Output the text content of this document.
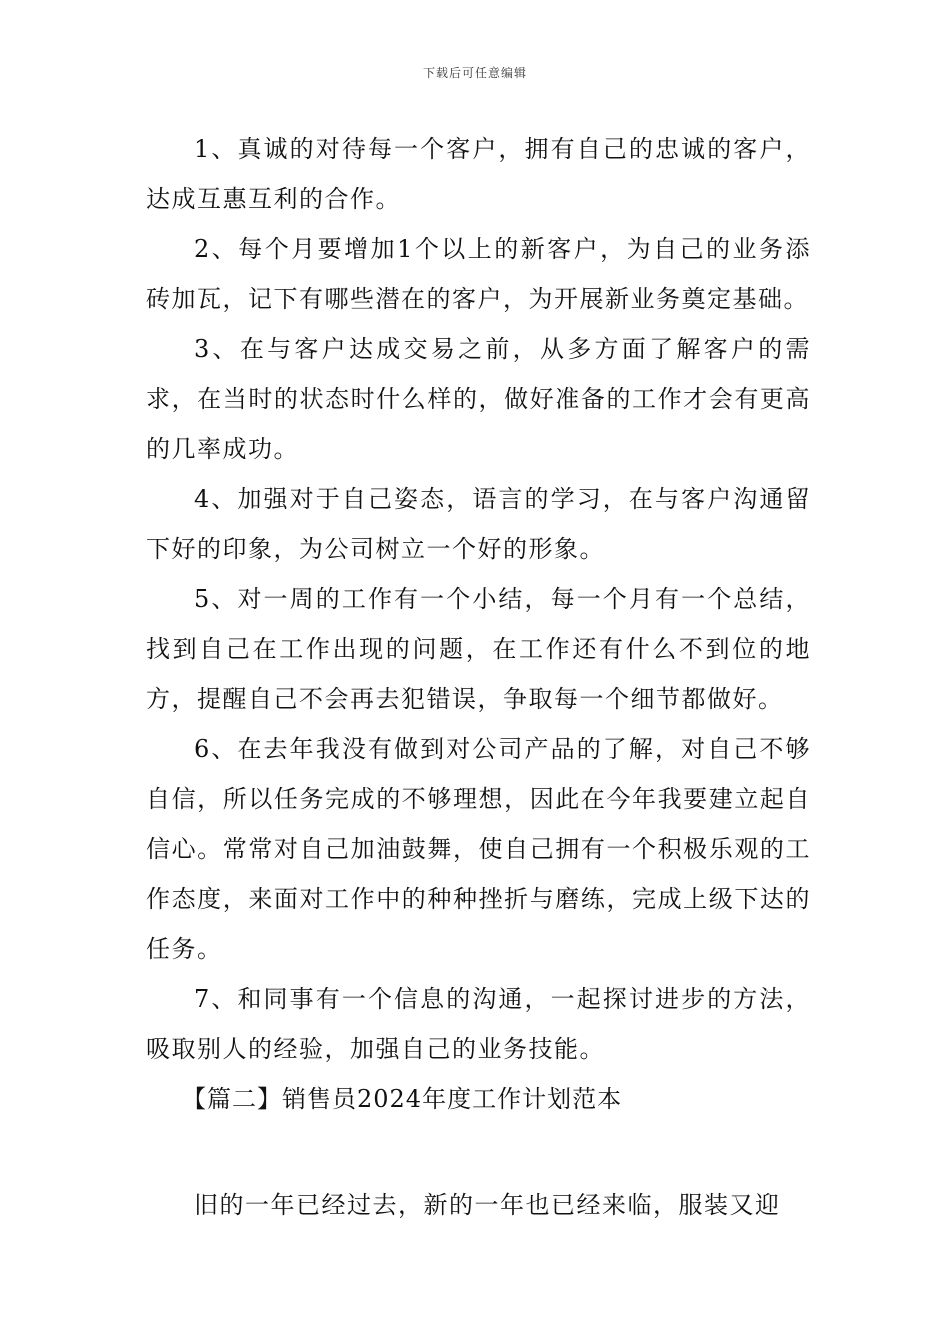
下载后可任意编辑

1、真诚的对待每一个客户，拥有自己的忠诚的客户，达成互惠互利的合作。

2、每个月要增加1个以上的新客户，为自己的业务添砖加瓦，记下有哪些潜在的客户，为开展新业务奠定基础。

3、在与客户达成交易之前，从多方面了解客户的需求，在当时的状态时什么样的，做好准备的工作才会有更高的几率成功。

4、加强对于自己姿态，语言的学习，在与客户沟通留下好的印象，为公司树立一个好的形象。

5、对一周的工作有一个小结，每一个月有一个总结，找到自己在工作出现的问题，在工作还有什么不到位的地方，提醒自己不会再去犯错误，争取每一个细节都做好。

6、在去年我没有做到对公司产品的了解，对自己不够自信，所以任务完成的不够理想，因此在今年我要建立起自信心。常常对自己加油鼓舞，使自己拥有一个积极乐观的工作态度，来面对工作中的种种挫折与磨练，完成上级下达的任务。

7、和同事有一个信息的沟通，一起探讨进步的方法，吸取别人的经验，加强自己的业务技能。

【篇二】销售员2024年度工作计划范本

旧的一年已经过去，新的一年也已经来临，服装又迎
